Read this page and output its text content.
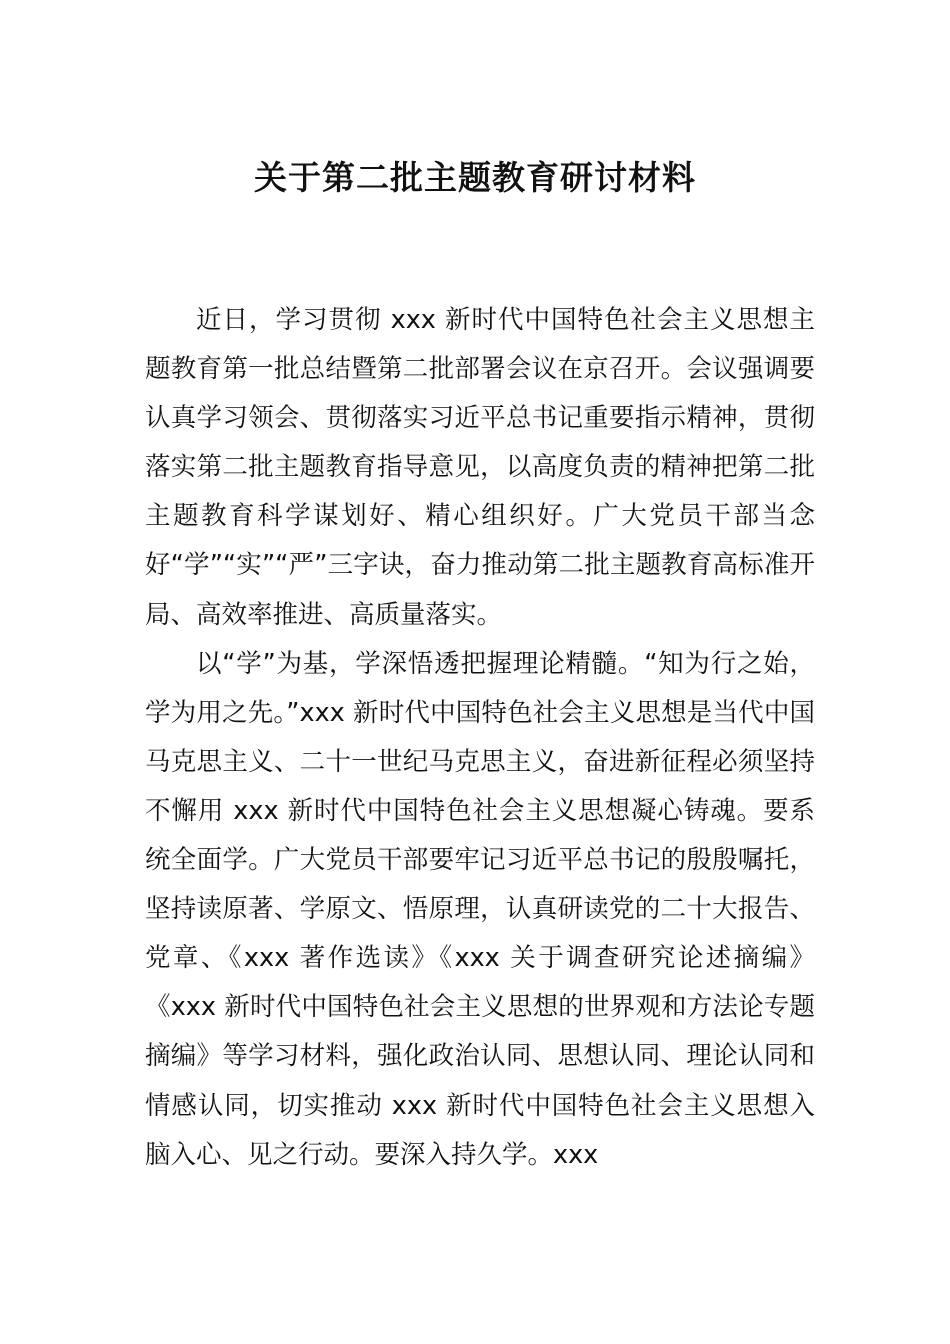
关于第二批主题教育研讨材料

近日，学习贯彻 xxx 新时代中国特色社会主义思想主题教育第一批总结暨第二批部署会议在京召开。会议强调要认真学习领会、贯彻落实习近平总书记重要指示精神，贯彻落实第二批主题教育指导意见，以高度负责的精神把第二批主题教育科学谋划好、精心组织好。广大党员干部当念好“学”“实”“严”三字诀，奋力推动第二批主题教育高标准开局、高效率推进、高质量落实。

以“学”为基，学深悟透把握理论精髓。“知为行之始，学为用之先。”xxx 新时代中国特色社会主义思想是当代中国马克思主义、二十一世纪马克思主义，奋进新征程必须坚持不懈用 xxx 新时代中国特色社会主义思想凝心铸魂。要系统全面学。广大党员干部要牢记习近平总书记的殷殷嘱托，坚持读原著、学原文、悟原理，认真研读党的二十大报告、党章、《xxx 著作选读》《xxx 关于调查研究论述摘编》《xxx 新时代中国特色社会主义思想的世界观和方法论专题摘编》等学习材料，强化政治认同、思想认同、理论认同和情感认同，切实推动 xxx 新时代中国特色社会主义思想入脑入心、见之行动。要深入持久学。xxx
